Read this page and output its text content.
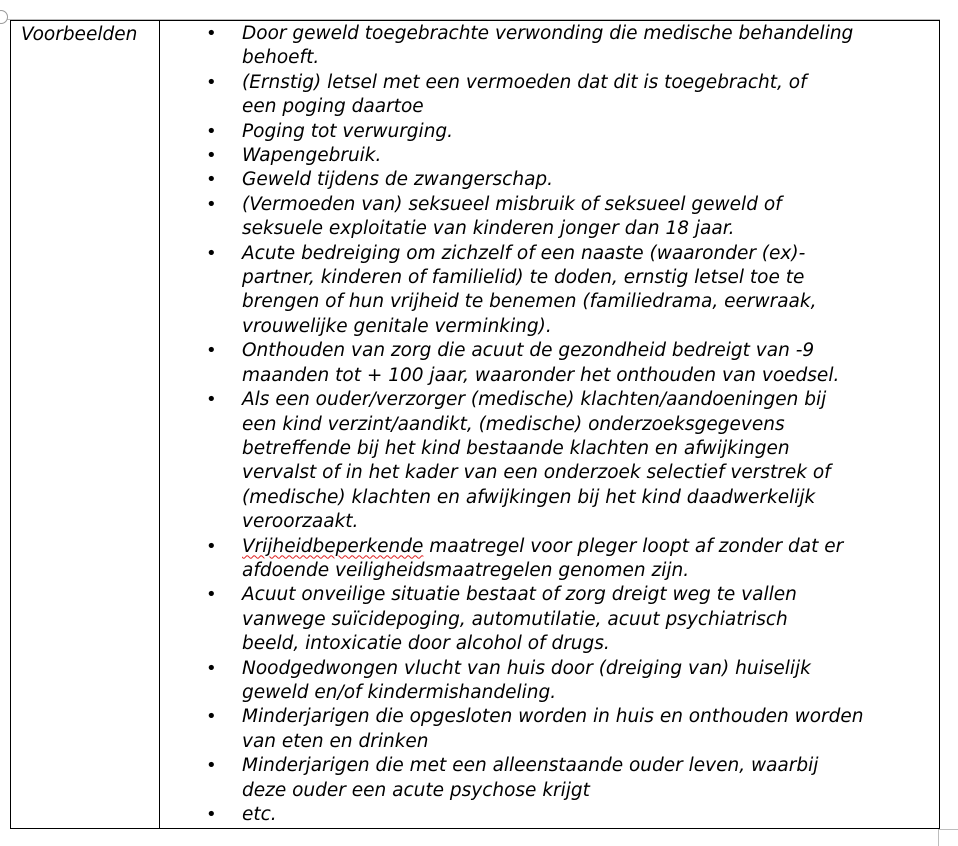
Voorbeelden	• Door geweld toegebrachte verwonding die medische behandeling
behoeft.
• (Ernstig) letsel met een vermoeden dat dit is toegebracht, of
een poging daartoe
• Poging tot verwurging.
• Wapengebruik.
• Geweld tijdens de zwangerschap.
• (Vermoeden van) seksueel misbruik of seksueel geweld of
seksuele exploitatie van kinderen jonger dan 18 jaar.
• Acute bedreiging om zichzelf of een naaste (waaronder (ex)-
partner, kinderen of familielid) te doden, ernstig letsel toe te
brengen of hun vrijheid te benemen (familiedrama, eerwraak,
vrouwelijke genitale verminking).
• Onthouden van zorg die acuut de gezondheid bedreigt van -9
maanden tot + 100 jaar, waaronder het onthouden van voedsel.
• Als een ouder/verzorger (medische) klachten/aandoeningen bij
een kind verzint/aandikt, (medische) onderzoeksgegevens
betreffende bij het kind bestaande klachten en afwijkingen
vervalst of in het kader van een onderzoek selectief verstrek of
(medische) klachten en afwijkingen bij het kind daadwerkelijk
veroorzaakt.
• Vrijheidbeperkende maatregel voor pleger loopt af zonder dat er
afdoende veiligheidsmaatregelen genomen zijn.
• Acuut onveilige situatie bestaat of zorg dreigt weg te vallen
vanwege suïcidepoging, automutilatie, acuut psychiatrisch
beeld, intoxicatie door alcohol of drugs.
• Noodgedwongen vlucht van huis door (dreiging van) huiselijk
geweld en/of kindermishandeling.
• Minderjarigen die opgesloten worden in huis en onthouden worden
van eten en drinken
• Minderjarigen die met een alleenstaande ouder leven, waarbij
deze ouder een acute psychose krijgt
• etc.
